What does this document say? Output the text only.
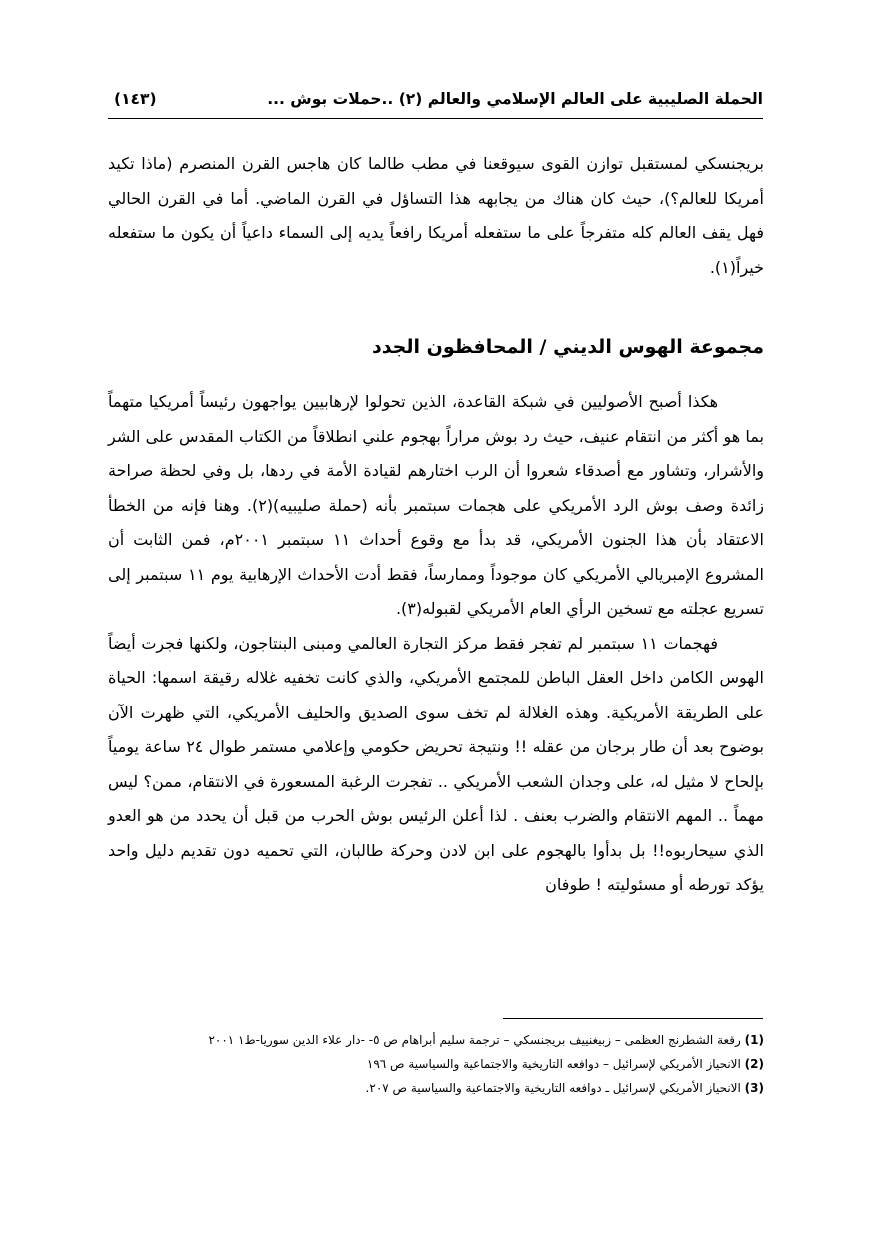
الحملة الصليبية على العالم الإسلامي والعالم (٢) ..حملات بوش ...
(١٤٣)

بريجنسكي لمستقبل توازن القوى سيوقعنا في مطب طالما كان هاجس القرن المنصرم (ماذا تكيد أمريكا للعالم؟)، حيث كان هناك من يجابهه هذا التساؤل في القرن الماضي. أما في القرن الحالي فهل يقف العالم كله متفرجاً على ما ستفعله أمريكا رافعاً يديه إلى السماء داعياً أن يكون ما ستفعله خيراً(١).

مجموعة الهوس الديني / المحافظون الجدد

هكذا أصبح الأصوليين في شبكة القاعدة، الذين تحولوا لإرهابيين يواجهون رئيساً أمريكيا متهماً بما هو أكثر من انتقام عنيف، حيث رد بوش مراراً بهجوم علني انطلاقاً من الكتاب المقدس على الشر والأشرار، وتشاور مع أصدقاء شعروا أن الرب اختارهم لقيادة الأمة في ردها، بل وفي لحظة صراحة زائدة وصف بوش الرد الأمريكي على هجمات سبتمبر بأنه (حملة صليبيه)(٢). وهنا فإنه من الخطأ الاعتقاد بأن هذا الجنون الأمريكي، قد بدأ مع وقوع أحداث ١١ سبتمبر ٢٠٠١م، فمن الثابت أن المشروع الإمبريالي الأمريكي كان موجوداً وممارساً، فقط أدت الأحداث الإرهابية يوم ١١ سبتمبر إلى تسريع عجلته مع تسخين الرأي العام الأمريكي لقبوله(٣).

فهجمات ١١ سبتمبر لم تفجر فقط مركز التجارة العالمي ومبنى البنتاجون، ولكنها فجرت أيضاً الهوس الكامن داخل العقل الباطن للمجتمع الأمريكي، والذي كانت تخفيه غلاله رقيقة اسمها: الحياة على الطريقة الأمريكية. وهذه الغلالة لم تخف سوى الصديق والحليف الأمريكي، التي ظهرت الآن بوضوح بعد أن طار برجان من عقله !! ونتيجة تحريض حكومي وإعلامي مستمر طوال ٢٤ ساعة يومياً بإلحاح لا مثيل له، على وجدان الشعب الأمريكي .. تفجرت الرغبة المسعورة في الانتقام، ممن؟ ليس مهماً .. المهم الانتقام والضرب بعنف . لذا أعلن الرئيس بوش الحرب من قبل أن يحدد من هو العدو الذي سيحاربوه!! بل بدأوا بالهجوم على ابن لادن وحركة طالبان، التي تحميه دون تقديم دليل واحد يؤكد تورطه أو مسئوليته ! طوفان

(1) رقعة الشطرنج العظمى – زبيغنييف بريجنسكي – ترجمة سليم أبراهام ص ٥- -دار علاء الدين سوريا-ط١ ٢٠٠١

(2) الانحياز الأمريكي لإسرائيل – دوافعه التاريخية والاجتماعية والسياسية ص ١٩٦

(3) الانحياز الأمريكي لإسرائيل ـ دوافعه التاريخية والاجتماعية والسياسية ص ٢٠٧.
